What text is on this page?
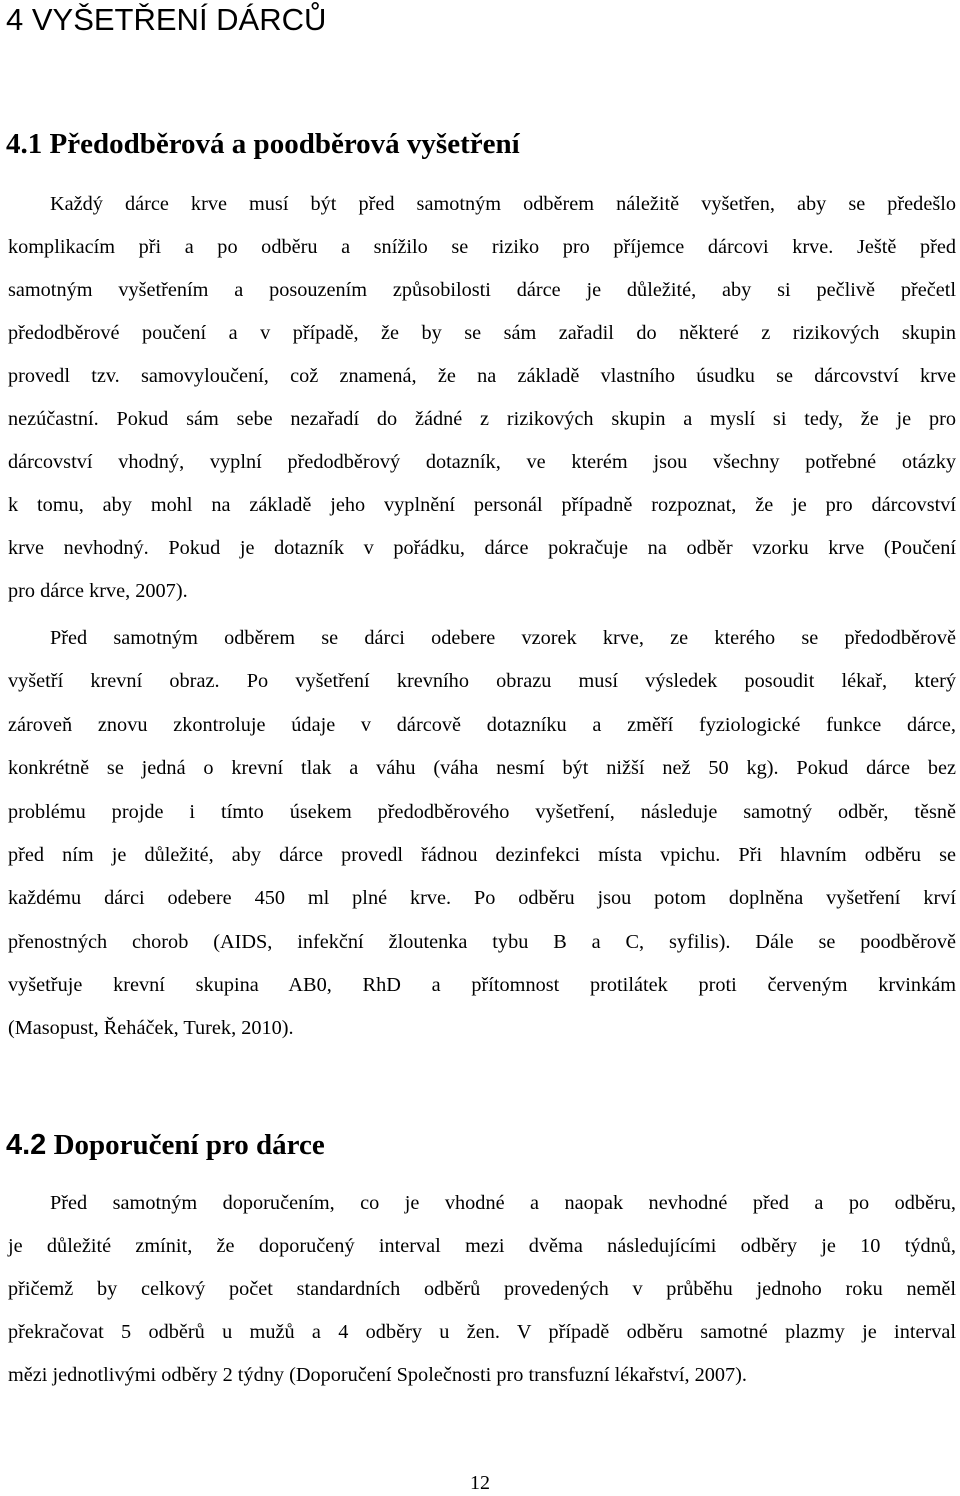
4 VYŠETŘENÍ DÁRCŮ
4.1 Předodběrová a poodběrová vyšetření
Každý dárce krve musí být před samotným odběrem náležitě vyšetřen, aby se předešlo
komplikacím při a po odběru a snížilo se riziko pro příjemce dárcovi krve. Ještě před
samotným vyšetřením a posouzením způsobilosti dárce je důležité, aby si pečlivě přečetl
předodběrové poučení a v případě, že by se sám zařadil do některé z rizikových skupin
provedl tzv. samovyloučení, což znamená, že na základě vlastního úsudku se dárcovství krve
nezúčastní. Pokud sám sebe nezařadí do žádné z rizikových skupin a myslí si tedy, že je pro
dárcovství vhodný, vyplní předodběrový dotazník, ve kterém jsou všechny potřebné otázky
k tomu, aby mohl na základě jeho vyplnění personál případně rozpoznat, že je pro dárcovství
krve nevhodný. Pokud je dotazník v pořádku, dárce pokračuje na odběr vzorku krve (Poučení
pro dárce krve, 2007).
Před samotným odběrem se dárci odebere vzorek krve, ze kterého se předodběrově
vyšetří krevní obraz. Po vyšetření krevního obrazu musí výsledek posoudit lékař, který
zároveň znovu zkontroluje údaje v dárcově dotazníku a změří fyziologické funkce dárce,
konkrétně se jedná o krevní tlak a váhu (váha nesmí být nižší než 50 kg). Pokud dárce bez
problému projde i tímto úsekem předodběrového vyšetření, následuje samotný odběr, těsně
před ním je důležité, aby dárce provedl řádnou dezinfekci místa vpichu. Při hlavním odběru se
každému dárci odebere 450 ml plné krve. Po odběru jsou potom doplněna vyšetření krví
přenostných chorob (AIDS, infekční žloutenka tybu B a C, syfilis). Dále se poodběrově
vyšetřuje krevní skupina AB0, RhD a přítomnost protilátek proti červeným krvinkám
(Masopust, Řeháček, Turek, 2010).
4.2 Doporučení pro dárce
Před samotným doporučením, co je vhodné a naopak nevhodné před a po odběru,
je důležité zmínit, že doporučený interval mezi dvěma následujícími odběry je 10 týdnů,
přičemž by celkový počet standardních odběrů provedených v průběhu jednoho roku neměl
překračovat 5 odběrů u mužů a 4 odběry u žen. V případě odběru samotné plazmy je interval
mězi jednotlivými odběry 2 týdny (Doporučení Společnosti pro transfuzní lékařství, 2007).
12
